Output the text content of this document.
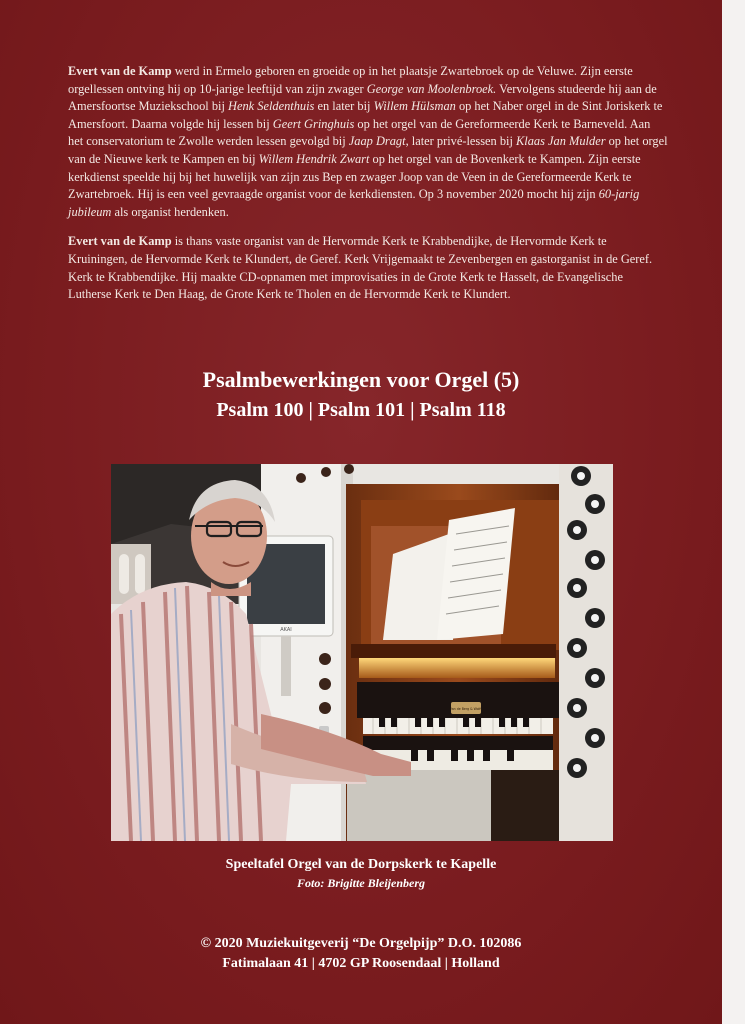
Evert van de Kamp werd in Ermelo geboren en groeide op in het plaatsje Zwartebroek op de Veluwe. Zijn eerste orgellessen ontving hij op 10-jarige leeftijd van zijn zwager George van Moolenbroek. Vervolgens studeerde hij aan de Amersfoortse Muziekschool bij Henk Seldenthuis en later bij Willem Hülsman op het Naber orgel in de Sint Joriskerk te Amersfoort. Daarna volgde hij lessen bij Geert Gringhuis op het orgel van de Gereformeerde Kerk te Barneveld. Aan het conservatorium te Zwolle werden lessen gevolgd bij Jaap Dragt, later privé-lessen bij Klaas Jan Mulder op het orgel van de Nieuwe kerk te Kampen en bij Willem Hendrik Zwart op het orgel van de Bovenkerk te Kampen. Zijn eerste kerkdienst speelde hij bij het huwelijk van zijn zus Bep en zwager Joop van de Veen in de Gereformeerde Kerk te Zwartebroek. Hij is een veel gevraagde organist voor de kerkdiensten. Op 3 november 2020 mocht hij zijn 60-jarig jubileum als organist herdenken.

Evert van de Kamp is thans vaste organist van de Hervormde Kerk te Krabbendijke, de Hervormde Kerk te Kruiningen, de Hervormde Kerk te Klundert, de Geref. Kerk Vrijgemaakt te Zevenbergen en gastorganist in de Geref. Kerk te Krabbendijke. Hij maakte CD-opnamen met improvisaties in de Grote Kerk te Hasselt, de Evangelische Lutherse Kerk te Den Haag, de Grote Kerk te Tholen en de Hervormde Kerk te Klundert.

Psalmbewerkingen voor Orgel (5)
Psalm 100 | Psalm 101 | Psalm 118
AKAI
Van de Berg & Wolfs
Speeltafel Orgel van de Dorpskerk te Kapelle
Foto: Brigitte Bleijenberg
© 2020 Muziekuitgeverij “De Orgelpijp” D.O. 102086
Fatimalaan 41 | 4702 GP Roosendaal | Holland
